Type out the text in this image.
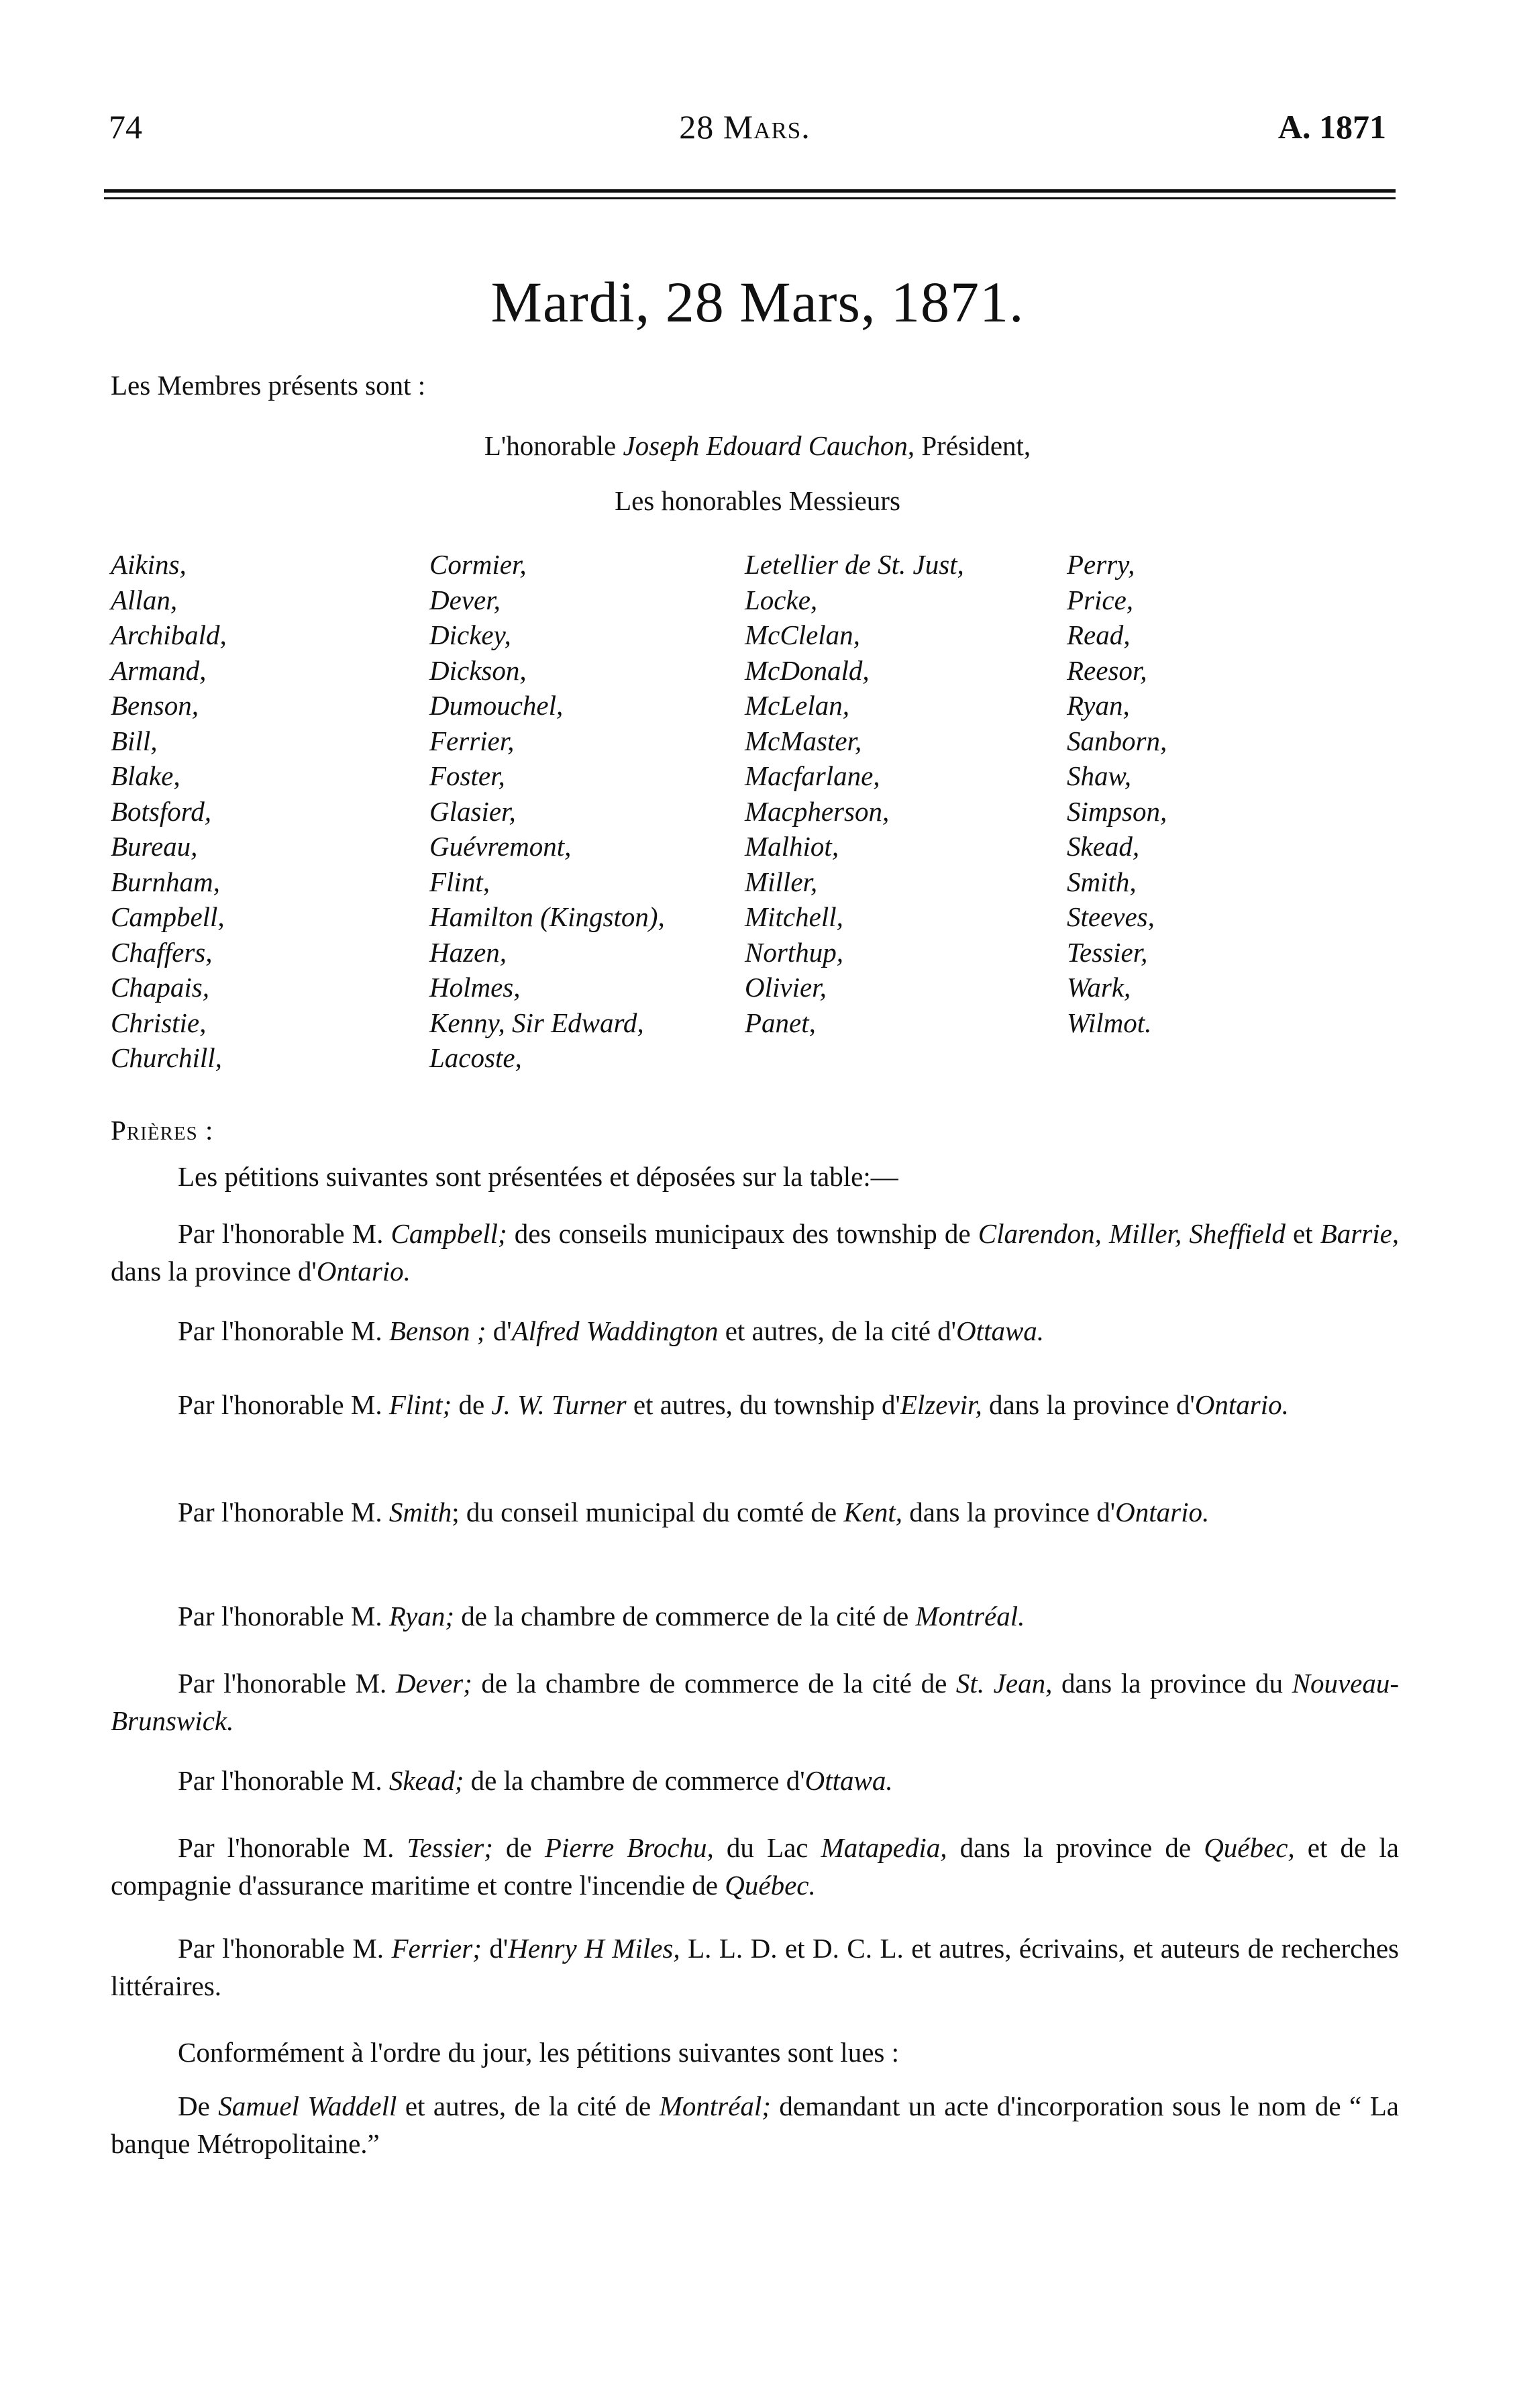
74	28 Mars.	A. 1871
Mardi, 28 Mars, 1871.
Les Membres présents sont :
L'honorable Joseph Edouard Cauchon, Président,
Les honorables Messieurs
Aikins,
Allan,
Archibald,
Armand,
Benson,
Bill,
Blake,
Botsford,
Bureau,
Burnham,
Campbell,
Chaffers,
Chapais,
Christie,
Churchill,
Cormier,
Dever,
Dickey,
Dickson,
Dumouchel,
Ferrier,
Foster,
Glasier,
Guévremont,
Flint,
Hamilton (Kingston),
Hazen,
Holmes,
Kenny, Sir Edward,
Lacoste,
Letellier de St. Just,
Locke,
McClelan,
McDonald,
McLelan,
McMaster,
Macfarlane,
Macpherson,
Malhiot,
Miller,
Mitchell,
Northup,
Olivier,
Panet,
Perry,
Price,
Read,
Reesor,
Ryan,
Sanborn,
Shaw,
Simpson,
Skead,
Smith,
Steeves,
Tessier,
Wark,
Wilmot.
Prières :

Les pétitions suivantes sont présentées et déposées sur la table:—

Par l'honorable M. Campbell; des conseils municipaux des township de Clarendon, Miller, Sheffield et Barrie, dans la province d'Ontario.

Par l'honorable M. Benson ; d'Alfred Waddington et autres, de la cité d'Ottawa.

Par l'honorable M. Flint; de J. W. Turner et autres, du township d'Elzevir, dans la province d'Ontario.

Par l'honorable M. Smith; du conseil municipal du comté de Kent, dans la province d'Ontario.

Par l'honorable M. Ryan; de la chambre de commerce de la cité de Montréal.

Par l'honorable M. Dever; de la chambre de commerce de la cité de St. Jean, dans la province du Nouveau-Brunswick.

Par l'honorable M. Skead; de la chambre de commerce d'Ottawa.

Par l'honorable M. Tessier; de Pierre Brochu, du Lac Matapedia, dans la province de Québec, et de la compagnie d'assurance maritime et contre l'incendie de Québec.

Par l'honorable M. Ferrier; d'Henry H Miles, L. L. D. et D. C. L. et autres, écrivains, et auteurs de recherches littéraires.

Conformément à l'ordre du jour, les pétitions suivantes sont lues :

De Samuel Waddell et autres, de la cité de Montréal; demandant un acte d'incorporation sous le nom de “ La banque Métropolitaine.”
